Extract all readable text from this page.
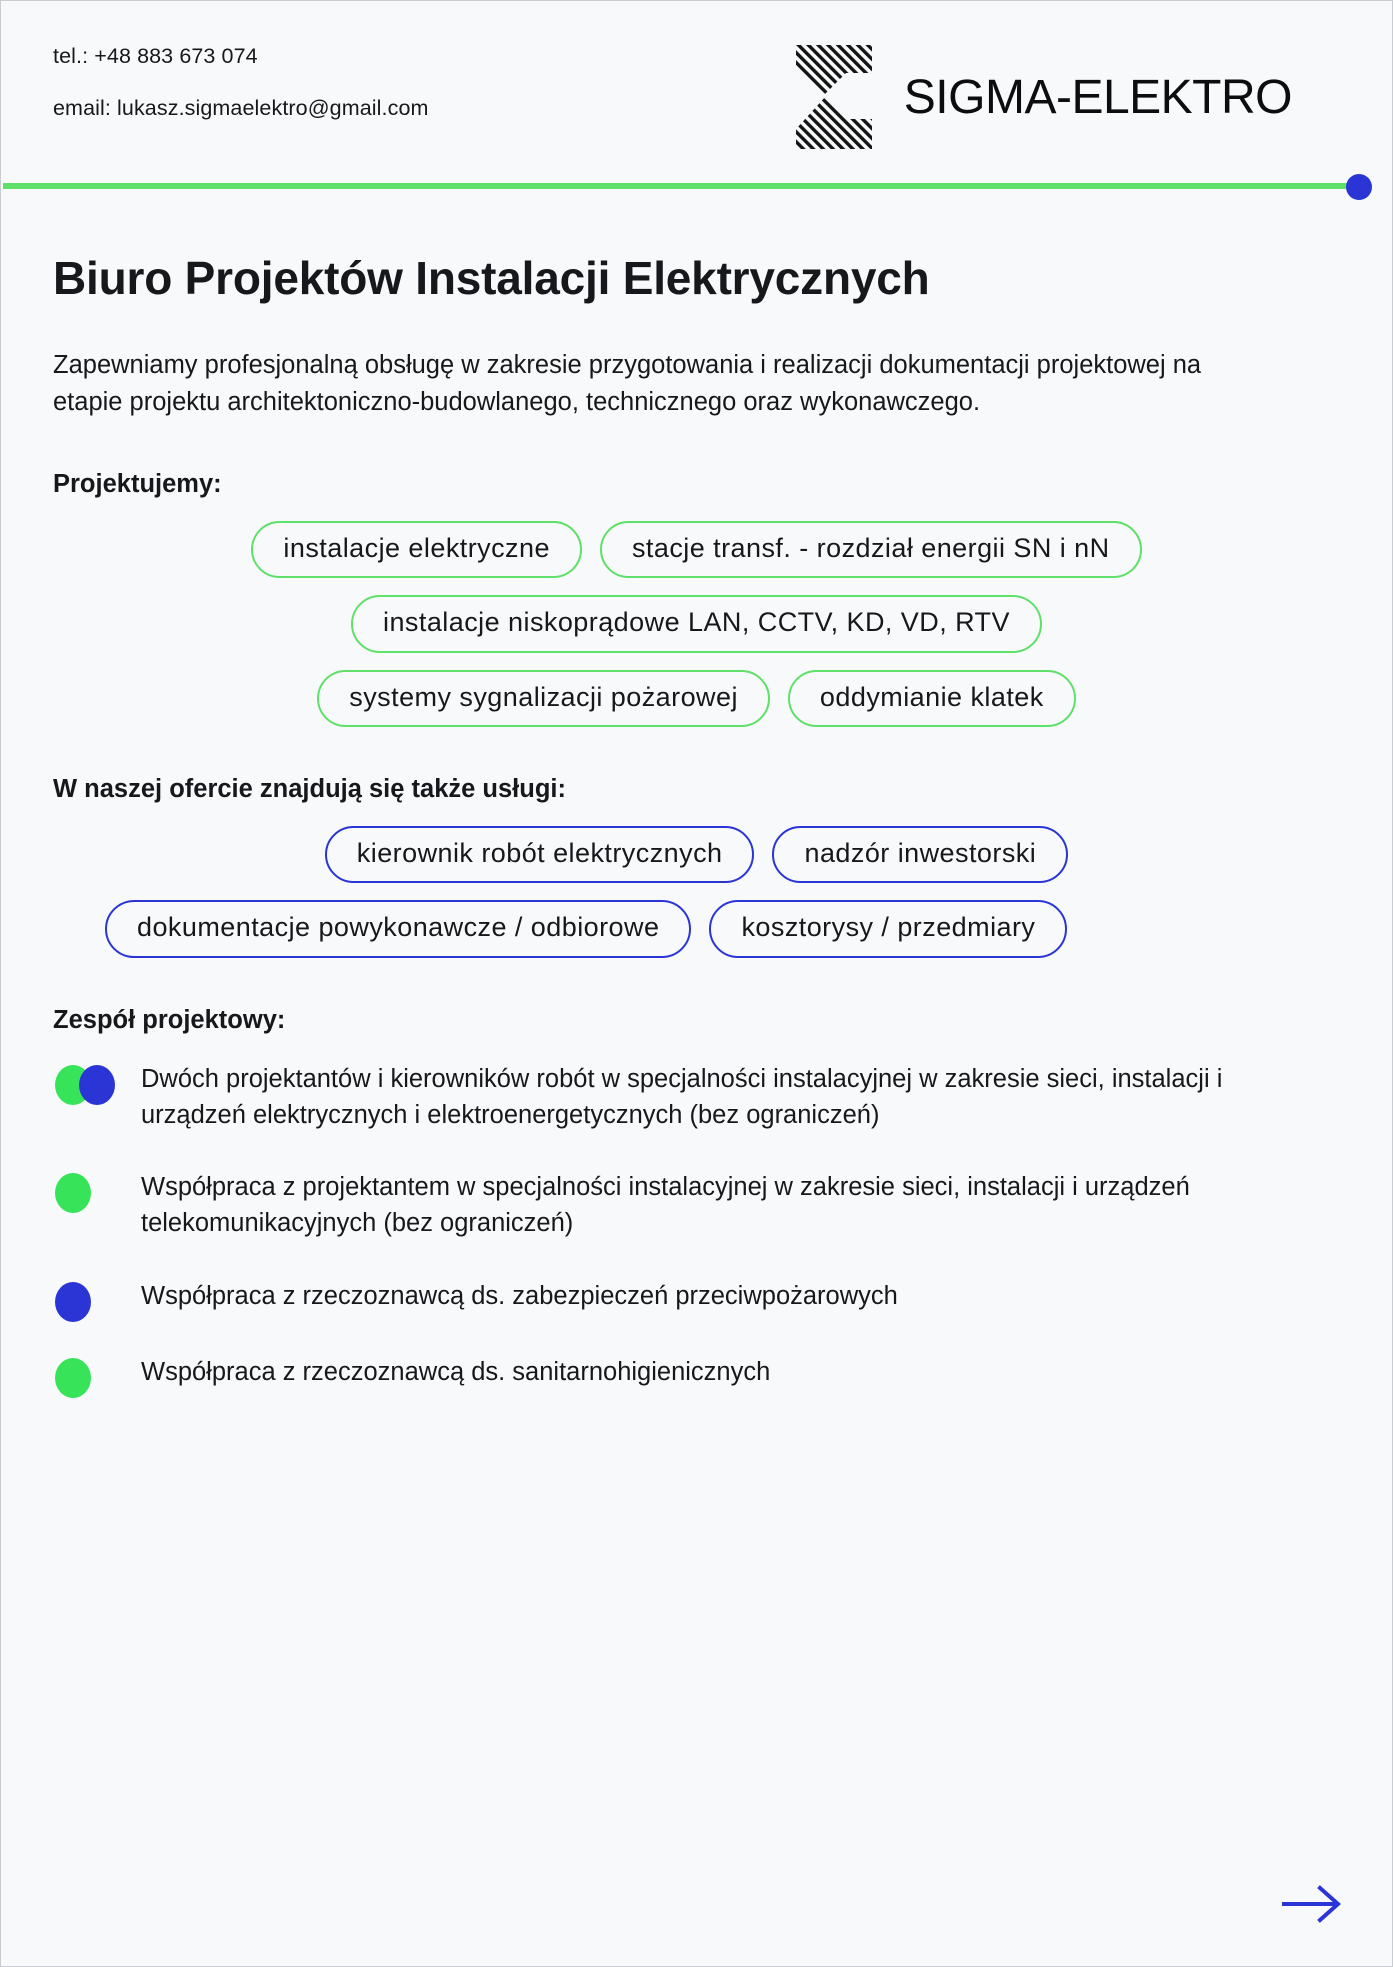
tel.: +48 883 673 074
email: lukasz.sigmaelektro@gmail.com	SIGMA-ELEKTRO
Biuro Projektów Instalacji Elektrycznych

Zapewniamy profesjonalną obsługę w zakresie przygotowania i realizacji dokumentacji projektowej na etapie projektu architektoniczno-budowlanego, technicznego oraz wykonawczego.

Projektujemy:
instalacje elektryczne	stacje transf. - rozdział energii SN i nN
instalacje niskoprądowe LAN, CCTV, KD, VD, RTV
systemy sygnalizacji pożarowej	oddymianie klatek
W naszej ofercie znajdują się także usługi:
kierownik robót elektrycznych	nadzór inwestorski
dokumentacje powykonawcze / odbiorowe	kosztorysy / przedmiary
Zespół projektowy:
Dwóch projektantów i kierowników robót w specjalności instalacyjnej w zakresie sieci, instalacji i urządzeń elektrycznych i elektroenergetycznych (bez ograniczeń)
Współpraca z projektantem w specjalności instalacyjnej w zakresie sieci, instalacji i urządzeń telekomunikacyjnych (bez ograniczeń)
Współpraca z rzeczoznawcą ds. zabezpieczeń przeciwpożarowych
Współpraca z rzeczoznawcą ds. sanitarnohigienicznych
